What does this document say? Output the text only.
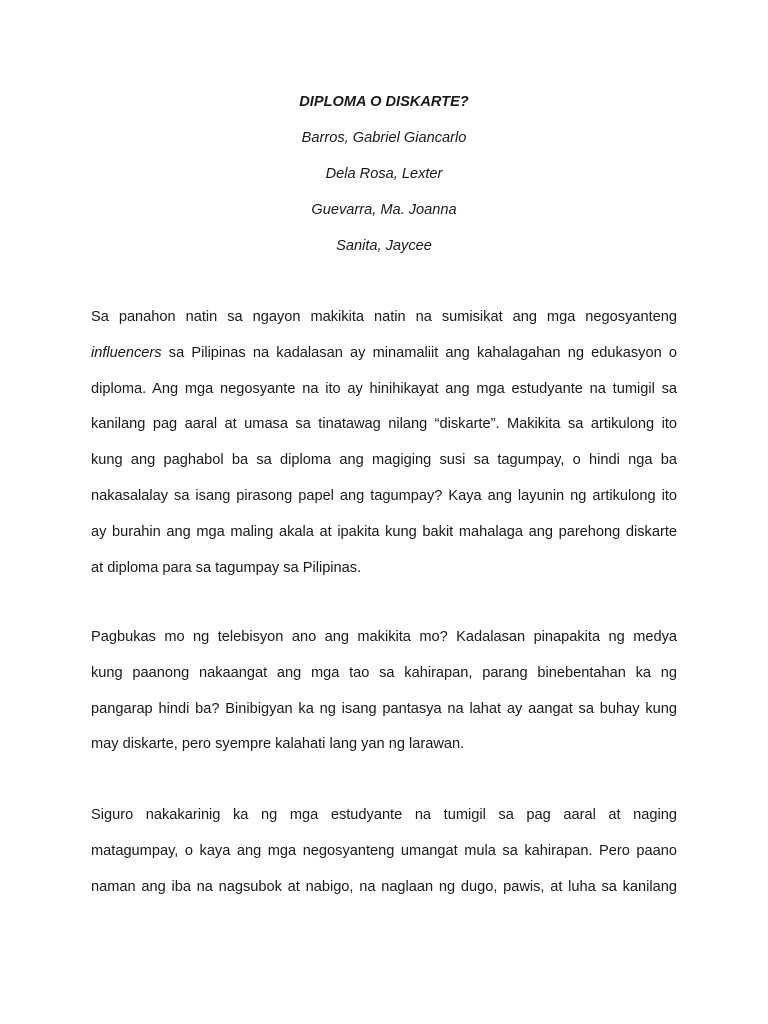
DIPLOMA O DISKARTE?
Barros, Gabriel Giancarlo
Dela Rosa, Lexter
Guevarra, Ma. Joanna
Sanita, Jaycee
Sa panahon natin sa ngayon makikita natin na sumisikat ang mga negosyanteng
influencers sa Pilipinas na kadalasan ay minamaliit ang kahalagahan ng edukasyon o
diploma. Ang mga negosyante na ito ay hinihikayat ang mga estudyante na tumigil sa
kanilang pag aaral at umasa sa tinatawag nilang “diskarte”. Makikita sa artikulong ito
kung ang paghabol ba sa diploma ang magiging susi sa tagumpay, o hindi nga ba
nakasalalay sa isang pirasong papel ang tagumpay? Kaya ang layunin ng artikulong ito
ay burahin ang mga maling akala at ipakita kung bakit mahalaga ang parehong diskarte
at diploma para sa tagumpay sa Pilipinas.
Pagbukas mo ng telebisyon ano ang makikita mo? Kadalasan pinapakita ng medya
kung paanong nakaangat ang mga tao sa kahirapan, parang binebentahan ka ng
pangarap hindi ba? Binibigyan ka ng isang pantasya na lahat ay aangat sa buhay kung
may diskarte, pero syempre kalahati lang yan ng larawan.
Siguro nakakarinig ka ng mga estudyante na tumigil sa pag aaral at naging
matagumpay, o kaya ang mga negosyanteng umangat mula sa kahirapan. Pero paano
naman ang iba na nagsubok at nabigo, na naglaan ng dugo, pawis, at luha sa kanilang
